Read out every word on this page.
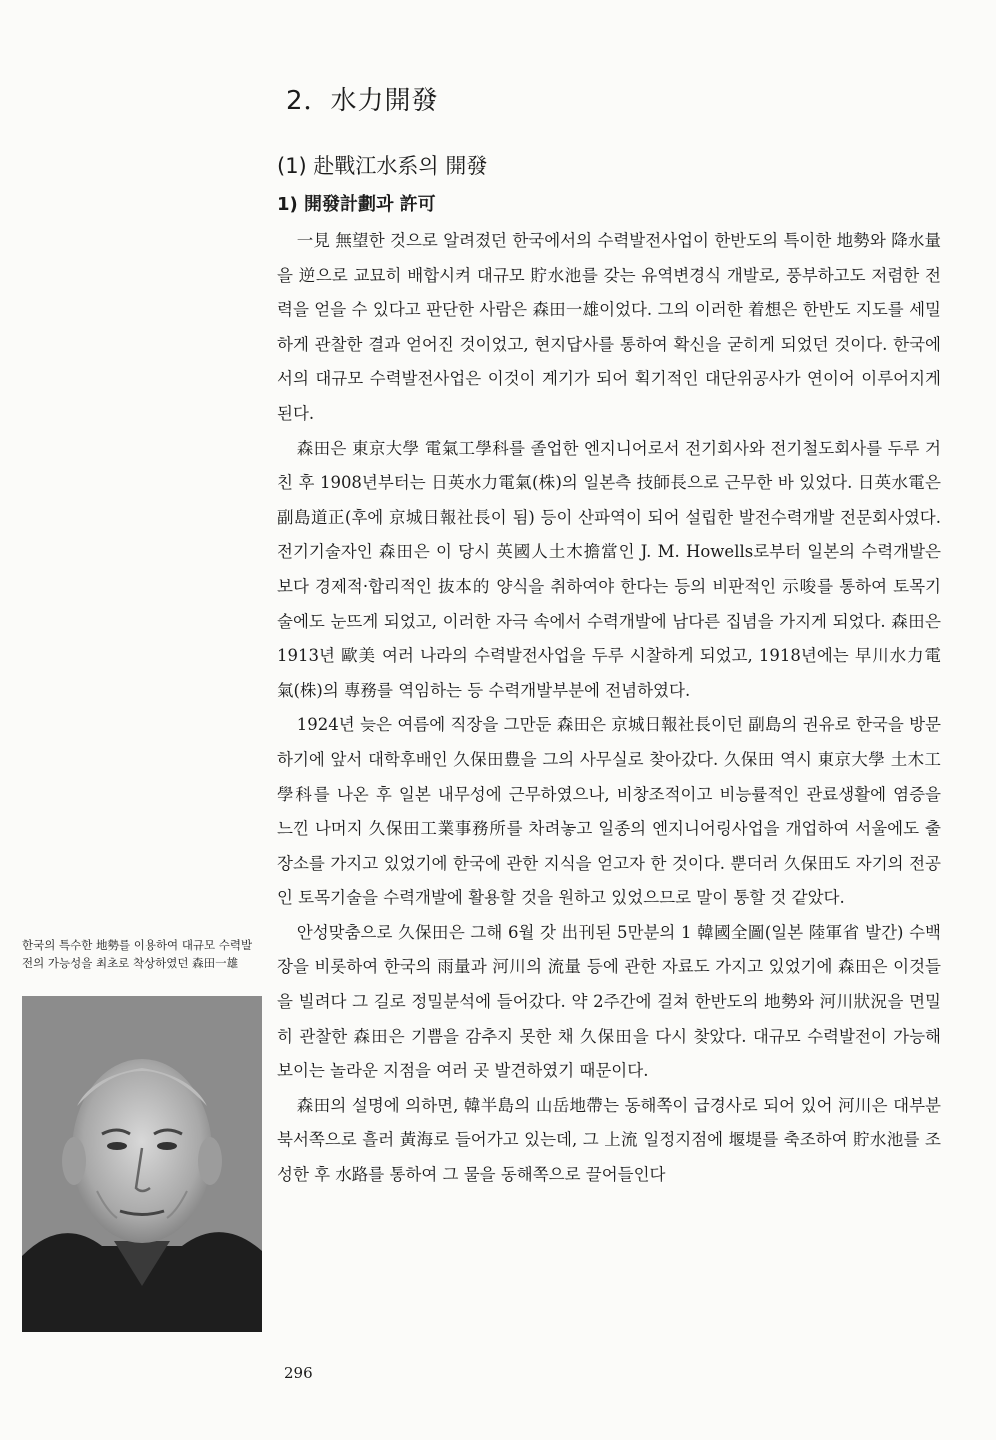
2．水力開發
(1) 赴戰江水系의 開發
1) 開發計劃과 許可

一見 無望한 것으로 알려졌던 한국에서의 수력발전사업이 한반도의 특이한 地勢와 降水量을 逆으로 교묘히 배합시켜 대규모 貯水池를 갖는 유역변경식 개발로, 풍부하고도 저렴한 전력을 얻을 수 있다고 판단한 사람은 森田一雄이었다. 그의 이러한 着想은 한반도 지도를 세밀하게 관찰한 결과 얻어진 것이었고, 현지답사를 통하여 확신을 굳히게 되었던 것이다. 한국에서의 대규모 수력발전사업은 이것이 계기가 되어 획기적인 대단위공사가 연이어 이루어지게 된다.

森田은 東京大學 電氣工學科를 졸업한 엔지니어로서 전기회사와 전기철도회사를 두루 거친 후 1908년부터는 日英水力電氣(株)의 일본측 技師長으로 근무한 바 있었다. 日英水電은 副島道正(후에 京城日報社長이 됨) 등이 산파역이 되어 설립한 발전수력개발 전문회사였다. 전기기술자인 森田은 이 당시 英國人土木擔當인 J. M. Howells로부터 일본의 수력개발은 보다 경제적·합리적인 抜本的 양식을 취하여야 한다는 등의 비판적인 示唆를 통하여 토목기술에도 눈뜨게 되었고, 이러한 자극 속에서 수력개발에 남다른 집념을 가지게 되었다. 森田은 1913년 歐美 여러 나라의 수력발전사업을 두루 시찰하게 되었고, 1918년에는 早川水力電氣(株)의 專務를 역임하는 등 수력개발부분에 전념하였다.

1924년 늦은 여름에 직장을 그만둔 森田은 京城日報社長이던 副島의 권유로 한국을 방문하기에 앞서 대학후배인 久保田豊을 그의 사무실로 찾아갔다. 久保田 역시 東京大學 土木工學科를 나온 후 일본 내무성에 근무하였으나, 비창조적이고 비능률적인 관료생활에 염증을 느낀 나머지 久保田工業事務所를 차려놓고 일종의 엔지니어링사업을 개업하여 서울에도 출장소를 가지고 있었기에 한국에 관한 지식을 얻고자 한 것이다. 뿐더러 久保田도 자기의 전공인 토목기술을 수력개발에 활용할 것을 원하고 있었으므로 말이 통할 것 같았다.

안성맞춤으로 久保田은 그해 6월 갓 出刊된 5만분의 1 韓國全圖(일본 陸軍省 발간) 수백장을 비롯하여 한국의 雨量과 河川의 流量 등에 관한 자료도 가지고 있었기에 森田은 이것들을 빌려다 그 길로 정밀분석에 들어갔다. 약 2주간에 걸쳐 한반도의 地勢와 河川狀況을 면밀히 관찰한 森田은 기쁨을 감추지 못한 채 久保田을 다시 찾았다. 대규모 수력발전이 가능해 보이는 놀라운 지점을 여러 곳 발견하였기 때문이다.

森田의 설명에 의하면, 韓半島의 山岳地帶는 동해쪽이 급경사로 되어 있어 河川은 대부분 북서쪽으로 흘러 黃海로 들어가고 있는데, 그 上流 일정지점에 堰堤를 축조하여 貯水池를 조성한 후 水路를 통하여 그 물을 동해쪽으로 끌어들인다

한국의 특수한 地勢를 이용하여 대규모 수력발전의 가능성을 최초로 착상하였던 森田一雄
296
